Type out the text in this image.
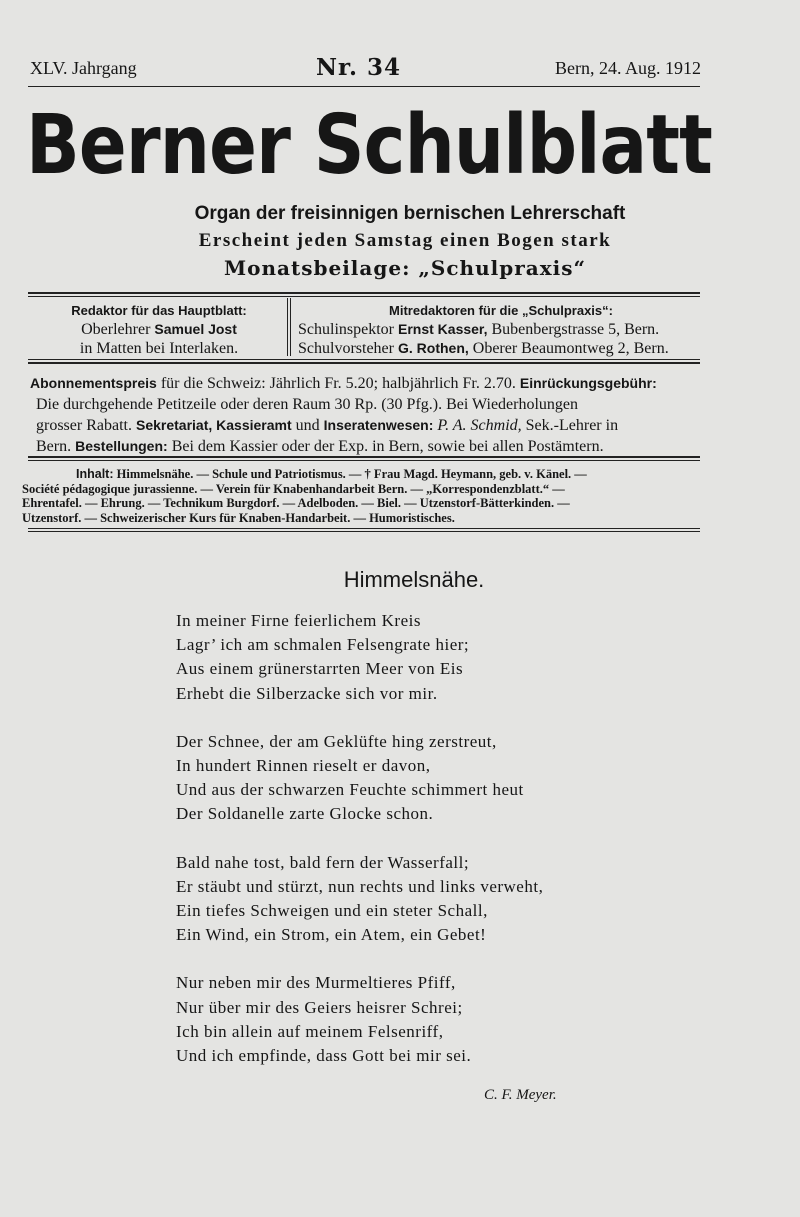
XLV. Jahrgang	Nr. 34	Bern, 24. Aug. 1912
Berner Schulblatt
Organ der freisinnigen bernischen Lehrerschaft
Erscheint jeden Samstag einen Bogen stark
Monatsbeilage: „Schulpraxis“
Redaktor für das Hauptblatt:
Oberlehrer Samuel Jost
in Matten bei Interlaken.
Mitredaktoren für die „Schulpraxis“:
Schulinspektor Ernst Kasser, Bubenbergstrasse 5, Bern.
Schulvorsteher G. Rothen, Oberer Beaumontweg 2, Bern.
Abonnementspreis für die Schweiz: Jährlich Fr. 5.20; halbjährlich Fr. 2.70. Einrückungsgebühr:
Die durchgehende Petitzeile oder deren Raum 30 Rp. (30 Pfg.). Bei Wiederholungen
grosser Rabatt. Sekretariat, Kassieramt und Inseratenwesen: P. A. Schmid, Sek.-Lehrer in
Bern. Bestellungen: Bei dem Kassier oder der Exp. in Bern, sowie bei allen Postämtern.
Inhalt: Himmelsnähe. — Schule und Patriotismus. — † Frau Magd. Heymann, geb. v. Känel. —
Société pédagogique jurassienne. — Verein für Knabenhandarbeit Bern. — „Korrespondenzblatt.“ —
Ehrentafel. — Ehrung. — Technikum Burgdorf. — Adelboden. — Biel. — Utzenstorf-Bätterkinden. —
Utzenstorf. — Schweizerischer Kurs für Knaben-Handarbeit. — Humoristisches.
Himmelsnähe.
In meiner Firne feierlichem Kreis
Lagr’ ich am schmalen Felsengrate hier;
Aus einem grünerstarrten Meer von Eis
Erhebt die Silberzacke sich vor mir.
Der Schnee, der am Geklüfte hing zerstreut,
In hundert Rinnen rieselt er davon,
Und aus der schwarzen Feuchte schimmert heut
Der Soldanelle zarte Glocke schon.
Bald nahe tost, bald fern der Wasserfall;
Er stäubt und stürzt, nun rechts und links verweht,
Ein tiefes Schweigen und ein steter Schall,
Ein Wind, ein Strom, ein Atem, ein Gebet!
Nur neben mir des Murmeltieres Pfiff,
Nur über mir des Geiers heisrer Schrei;
Ich bin allein auf meinem Felsenriff,
Und ich empfinde, dass Gott bei mir sei.
C. F. Meyer.
